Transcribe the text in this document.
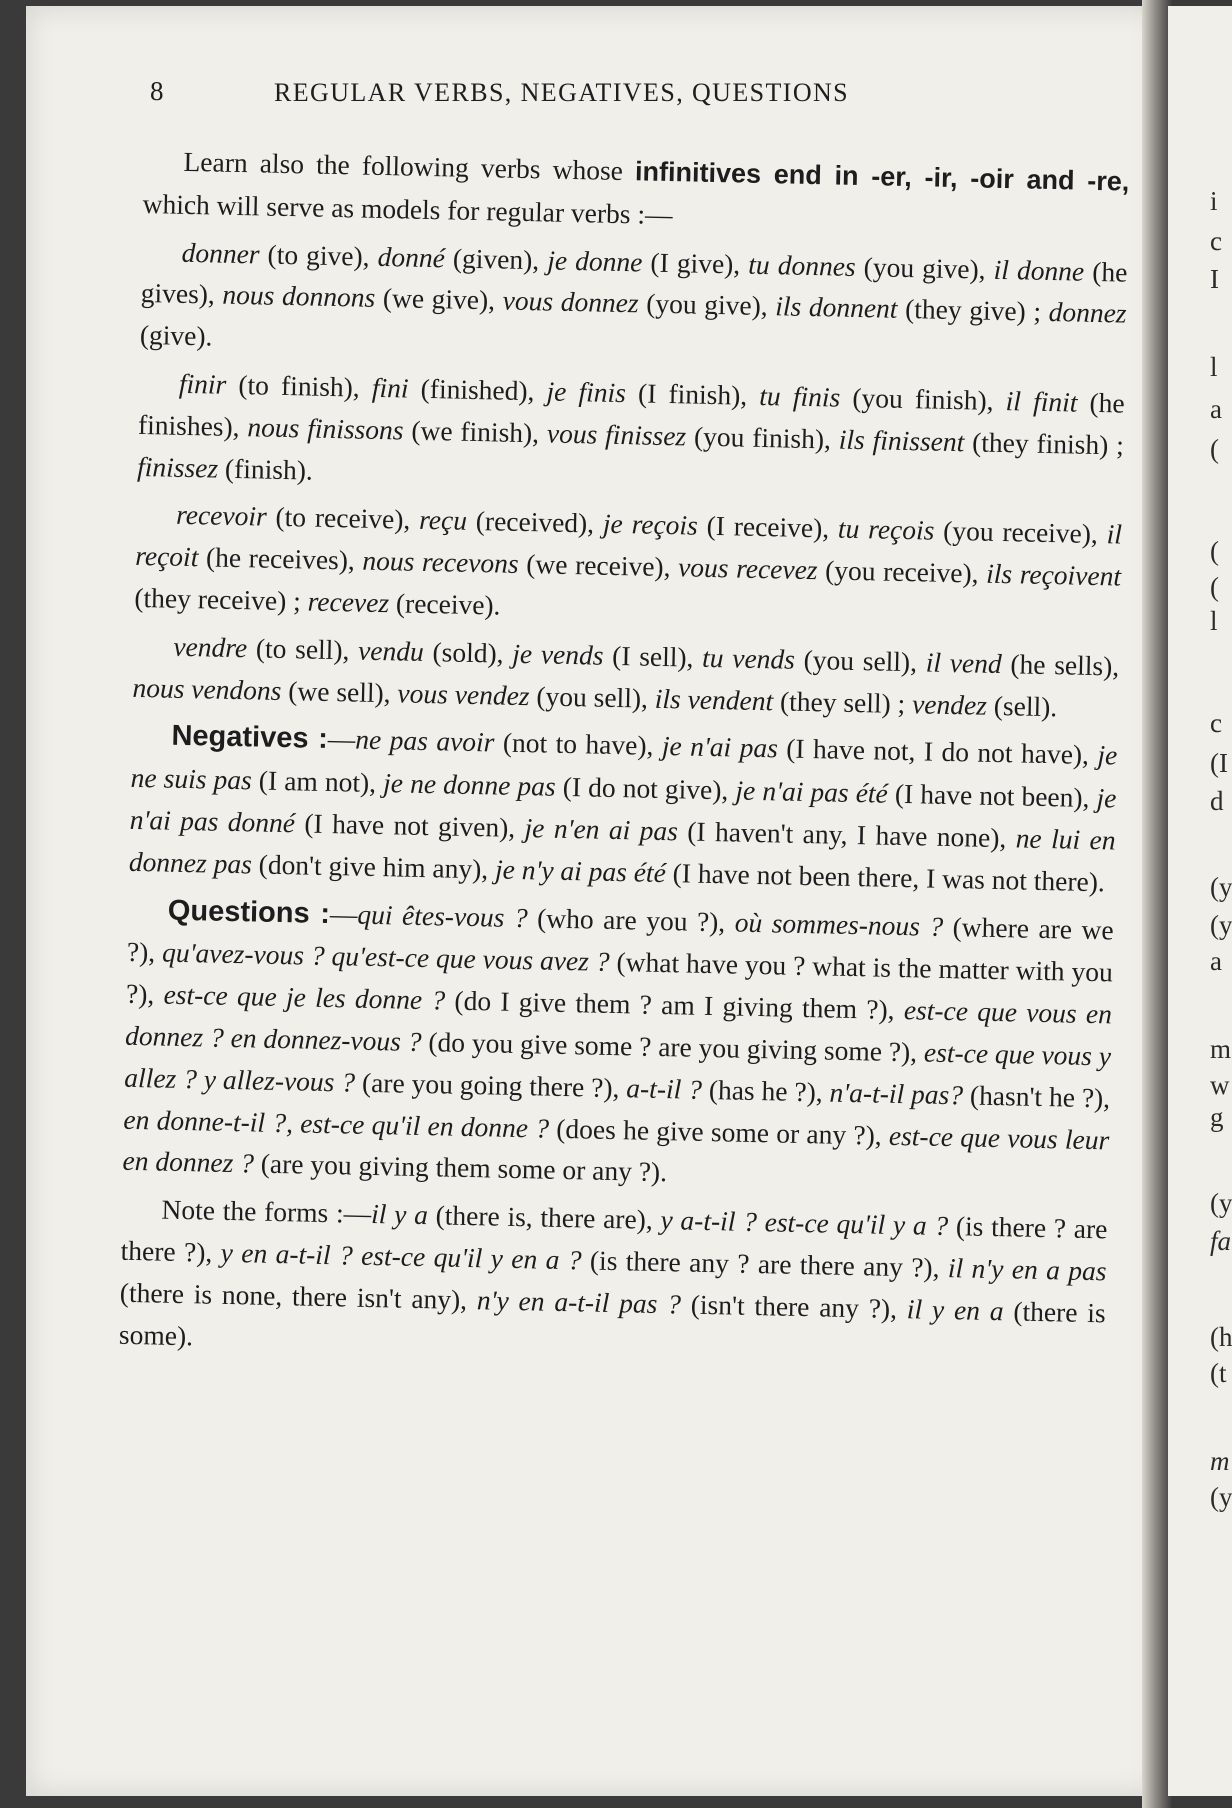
8	REGULAR VERBS, NEGATIVES, QUESTIONS

Learn also the following verbs whose infinitives end in -er, -ir, -oir and -re, which will serve as models for regular verbs :—

donner (to give), donné (given), je donne (I give), tu donnes (you give), il donne (he gives), nous donnons (we give), vous donnez (you give), ils donnent (they give) ; donnez (give).

finir (to finish), fini (finished), je finis (I finish), tu finis (you finish), il finit (he finishes), nous finissons (we finish), vous finissez (you finish), ils finissent (they finish) ; finissez (finish).

recevoir (to receive), reçu (received), je reçois (I receive), tu reçois (you receive), il reçoit (he receives), nous recevons (we receive), vous recevez (you receive), ils reçoivent (they receive) ; recevez (receive).

vendre (to sell), vendu (sold), je vends (I sell), tu vends (you sell), il vend (he sells), nous vendons (we sell), vous vendez (you sell), ils vendent (they sell) ; vendez (sell).

Negatives :—ne pas avoir (not to have), je n'ai pas (I have not, I do not have), je ne suis pas (I am not), je ne donne pas (I do not give), je n'ai pas été (I have not been), je n'ai pas donné (I have not given), je n'en ai pas (I haven't any, I have none), ne lui en donnez pas (don't give him any), je n'y ai pas été (I have not been there, I was not there).

Questions :—qui êtes-vous ? (who are you ?), où sommes-nous ? (where are we ?), qu'avez-vous ? qu'est-ce que vous avez ? (what have you ? what is the matter with you ?), est-ce que je les donne ? (do I give them ? am I giving them ?), est-ce que vous en donnez ? en donnez-vous ? (do you give some ? are you giving some ?), est-ce que vous y allez ? y allez-vous ? (are you going there ?), a-t-il ? (has he ?), n'a-t-il pas? (hasn't he ?), en donne-t-il ?, est-ce qu'il en donne ? (does he give some or any ?), est-ce que vous leur en donnez ? (are you giving them some or any ?).

Note the forms :—il y a (there is, there are), y a-t-il ? est-ce qu'il y a ? (is there ? are there ?), y en a-t-il ? est-ce qu'il y en a ? (is there any ? are there any ?), il n'y en a pas (there is none, there isn't any), n'y en a-t-il pas ? (isn't there any ?), il y en a (there is some).

i
c
I
l
a
(
(
(
l
c
(I
d
(y
(y
a
m
w
g
(y
fa
(h
(t
m
(y
